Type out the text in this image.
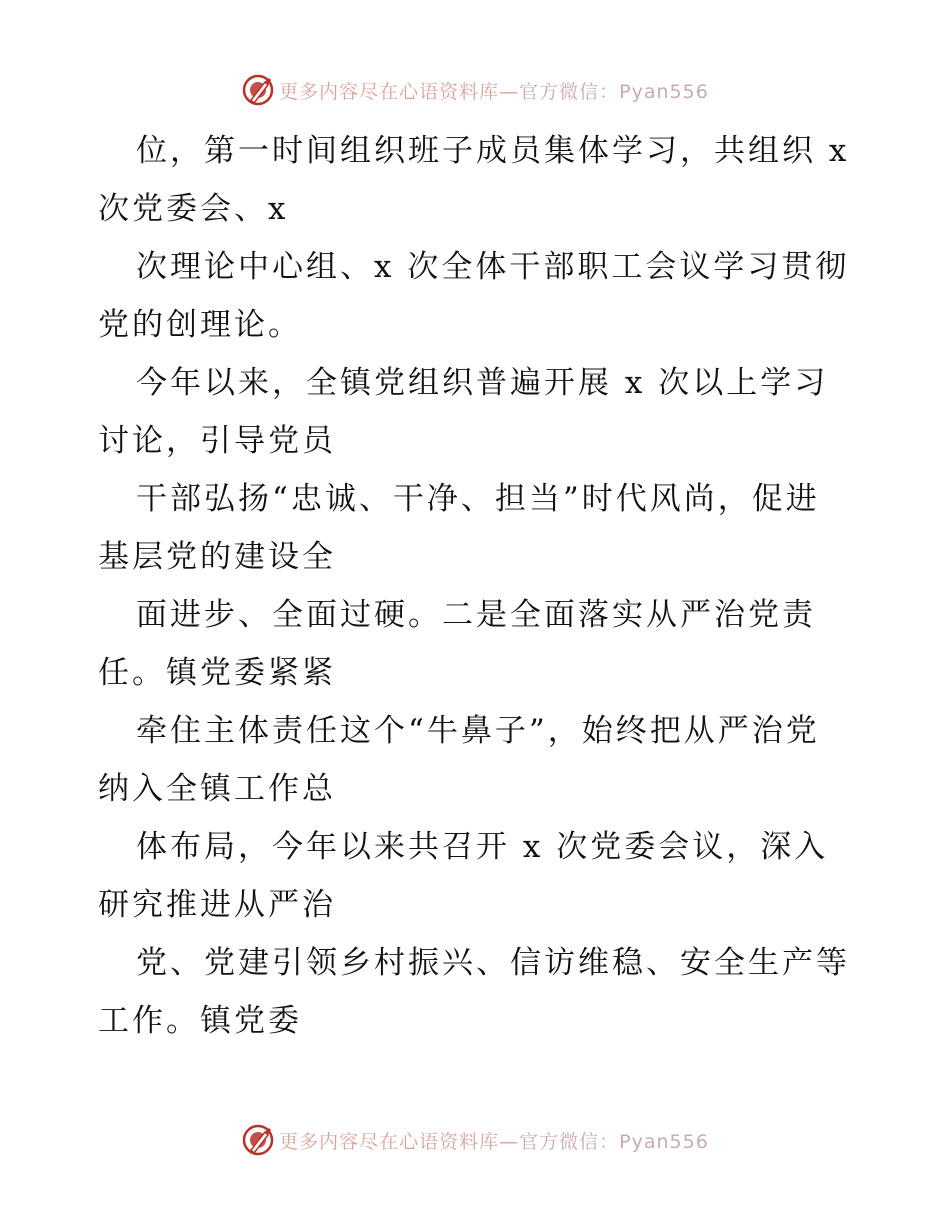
更多内容尽在心语资料库—官方微信：Pyan556

位，第一时间组织班子成员集体学习，共组织 x
次党委会、x

次理论中心组、x 次全体干部职工会议学习贯彻
党的创理论。

今年以来，全镇党组织普遍开展 x 次以上学习
讨论，引导党员

干部弘扬“忠诚、干净、担当”时代风尚，促进
基层党的建设全

面进步、全面过硬。二是全面落实从严治党责
任。镇党委紧紧

牵住主体责任这个“牛鼻子”，始终把从严治党
纳入全镇工作总

体布局，今年以来共召开 x 次党委会议，深入
研究推进从严治

党、党建引领乡村振兴、信访维稳、安全生产等
工作。镇党委

更多内容尽在心语资料库—官方微信：Pyan556
